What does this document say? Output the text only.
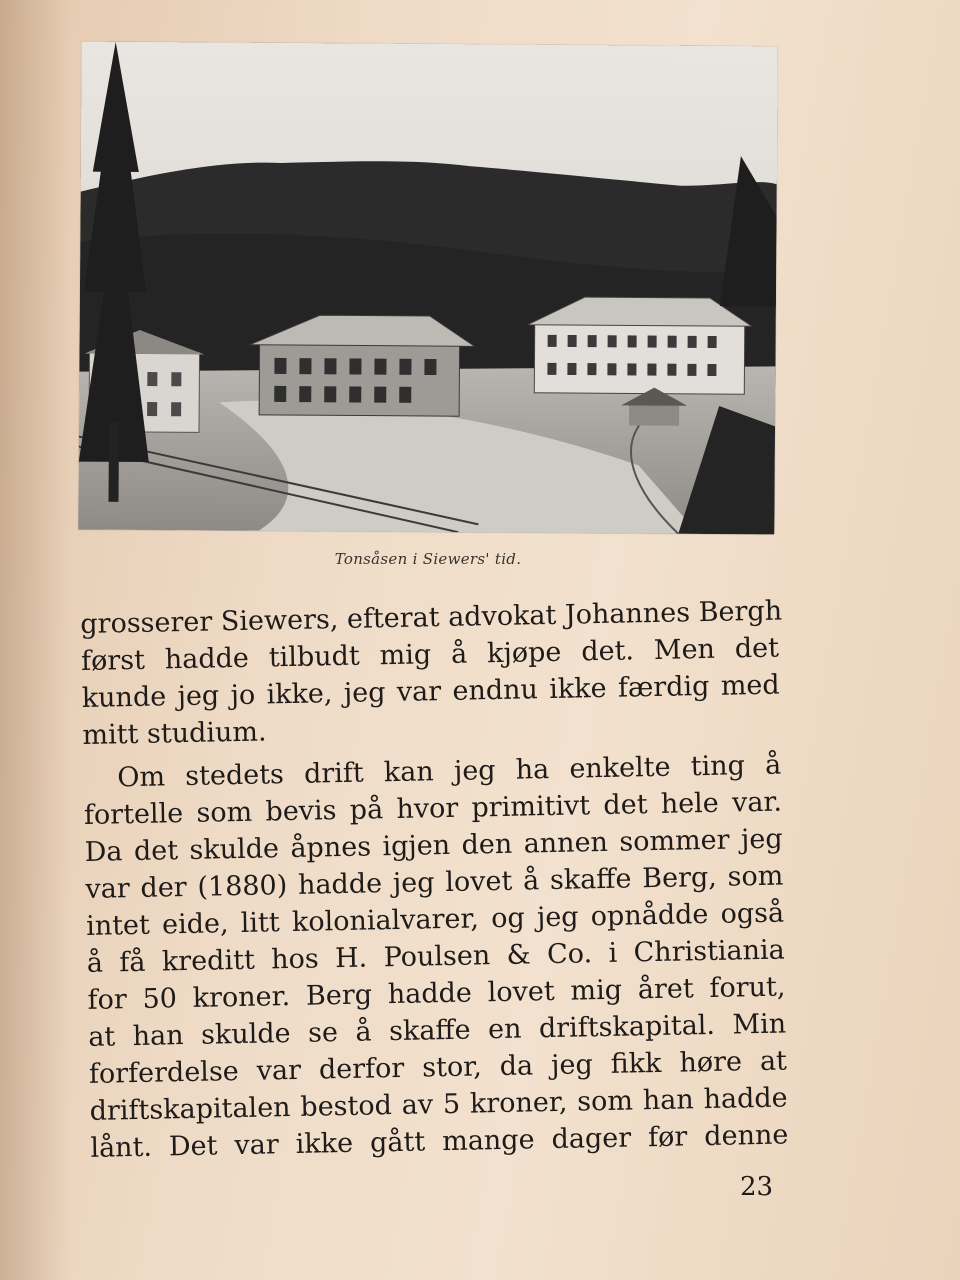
Tonsåsen i Siewers' tid.

grosserer Siewers, efterat advokat Johannes Bergh
først hadde tilbudt mig å kjøpe det. Men det
kunde jeg jo ikke, jeg var endnu ikke færdig med
mitt studium.

Om stedets drift kan jeg ha enkelte ting å
fortelle som bevis på hvor primitivt det hele var.
Da det skulde åpnes igjen den annen sommer jeg
var der (1880) hadde jeg lovet å skaffe Berg, som
intet eide, litt kolonialvarer, og jeg opnådde også
å få kreditt hos H. Poulsen & Co. i Christiania
for 50 kroner. Berg hadde lovet mig året forut,
at han skulde se å skaffe en driftskapital. Min
forferdelse var derfor stor, da jeg fikk høre at
driftskapitalen bestod av 5 kroner, som han hadde
lånt. Det var ikke gått mange dager før denne

23
